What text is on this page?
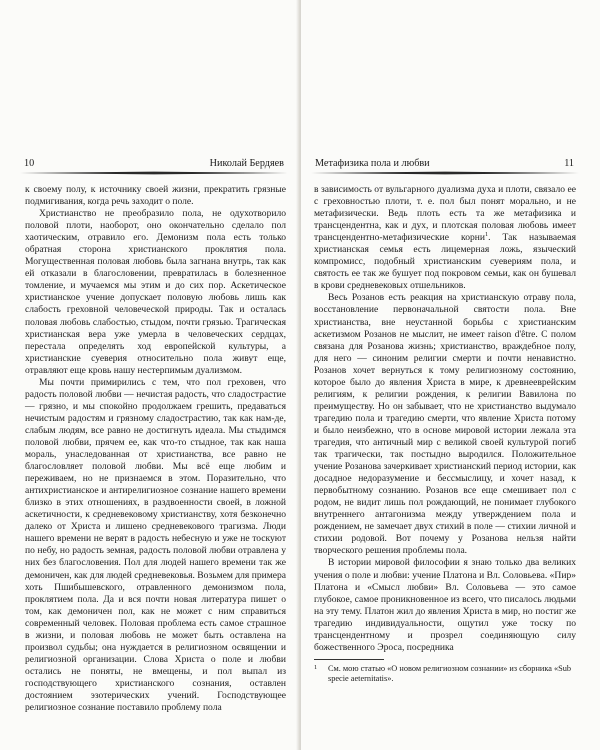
10	Николай Бердяев

к своему полу, к источнику своей жизни, прекратить грязные подмигивания, когда речь заходит о поле.

Христианство не преобразило пола, не одухотворило половой плоти, наоборот, оно окончательно сделало пол хаотическим, отравило его. Демонизм пола есть только обратная сторона христианского проклятия пола. Могущественная половая любовь была загнана внутрь, так как ей отказали в благословении, превратилась в болезненное томление, и мучаемся мы этим и до сих пор. Аскетическое христианское учение допускает половую любовь лишь как слабость греховной человеческой природы. Так и осталась половая любовь слабостью, стыдом, почти грязью. Трагическая христианская вера уже умерла в человеческих сердцах, перестала определять ход европейской культуры, а христианские суеверия относительно пола живут еще, отравляют еще кровь нашу нестерпимым дуализмом.

Мы почти примирились с тем, что пол греховен, что радость половой любви — нечистая радость, что сладострастие — грязно, и мы спокойно продолжаем грешить, предаваться нечистым радостям и грязному сладострастию, так как нам-де, слабым людям, все равно не достигнуть идеала. Мы стыдимся половой любви, прячем ее, как что-то стыдное, так как наша мораль, унаследованная от христианства, все равно не благословляет половой любви. Мы всё еще любим и переживаем, но не признаемся в этом. Поразительно, что антихристианское и антирелигиозное сознание нашего времени близко в этих отношениях, в раздвоенности своей, в ложной аскетичности, к средневековому христианству, хотя безконечно далеко от Христа и лишено средневекового трагизма. Люди нашего времени не верят в радость небесную и уже не тоскуют по небу, но радость земная, радость половой любви отравлена у них без благословения. Пол для людей нашего времени так же демоничен, как для людей средневековья. Возьмем для примера хоть Пшибышевского, отравленного демонизмом пола, проклятием пола. Да и вся почти новая литература пишет о том, как демоничен пол, как не может с ним справиться современный человек. Половая проблема есть самое страшное в жизни, и половая любовь не может быть оставлена на произвол судьбы; она нуждается в религиозном освящении и религиозной организации. Слова Христа о поле и любви остались не поняты, не вмещены, и пол выпал из господствующего христианского сознания, оставлен достоянием эзотерических учений. Господствующее религиозное сознание поставило проблему пола

Метафизика пола и любви	11

в зависимость от вульгарного дуализма духа и плоти, связало ее с греховностью плоти, т. е. пол был понят морально, и не метафизически. Ведь плоть есть та же метафизика и трансцендентна, как и дух, и плотская половая любовь имеет трансцендентно-метафизические корни$^1$. Так называемая христианская семья есть лицемерная ложь, языческий компромисс, подобный христианским суевериям пола, и святость ее так же бушует под покровом семьи, как он бушевал в крови средневековых отшельников.

Весь Розанов есть реакция на христианскую отраву пола, восстановление первоначальной святости пола. Вне христианства, вне неустанной борьбы с христианским аскетизмом Розанов не мыслит, не имеет raison d'être. С полом связана для Розанова жизнь; христианство, враждебное полу, для него — синоним религии смерти и почти ненавистно. Розанов хочет вернуться к тому религиозному состоянию, которое было до явления Христа в мире, к древнееврейским религиям, к религии рождения, к религии Вавилона по преимуществу. Но он забывает, что не христианство выдумало трагедию пола и трагедию смерти, что явление Христа потому и было неизбежно, что в основе мировой истории лежала эта трагедия, что античный мир с великой своей культурой погиб так трагически, так постыдно выродился. Положительное учение Розанова зачеркивает христианский период истории, как досадное недоразумение и бессмыслицу, и хочет назад, к первобытному сознанию. Розанов все еще смешивает пол с родом, не видит лишь пол рождающий, не понимает глубокого внутреннего антагонизма между утверждением пола и рождением, не замечает двух стихий в поле — стихии личной и стихии родовой. Вот почему у Розанова нельзя найти творческого решения проблемы пола.

В истории мировой философии я знаю только два великих учения о поле и любви: учение Платона и Вл. Соловьева. «Пир» Платона и «Смысл любви» Вл. Соловьева — это самое глубокое, самое проникновенное из всего, что писалось людьми на эту тему. Платон жил до явления Христа в мир, но постиг же трагедию индивидуальности, ощутил уже тоску по трансцендентному и прозрел соединяющую силу божественного Эроса, посредника

1	См. мою статью «О новом религиозном сознании» из сборника «Sub specie aeternitatis».
